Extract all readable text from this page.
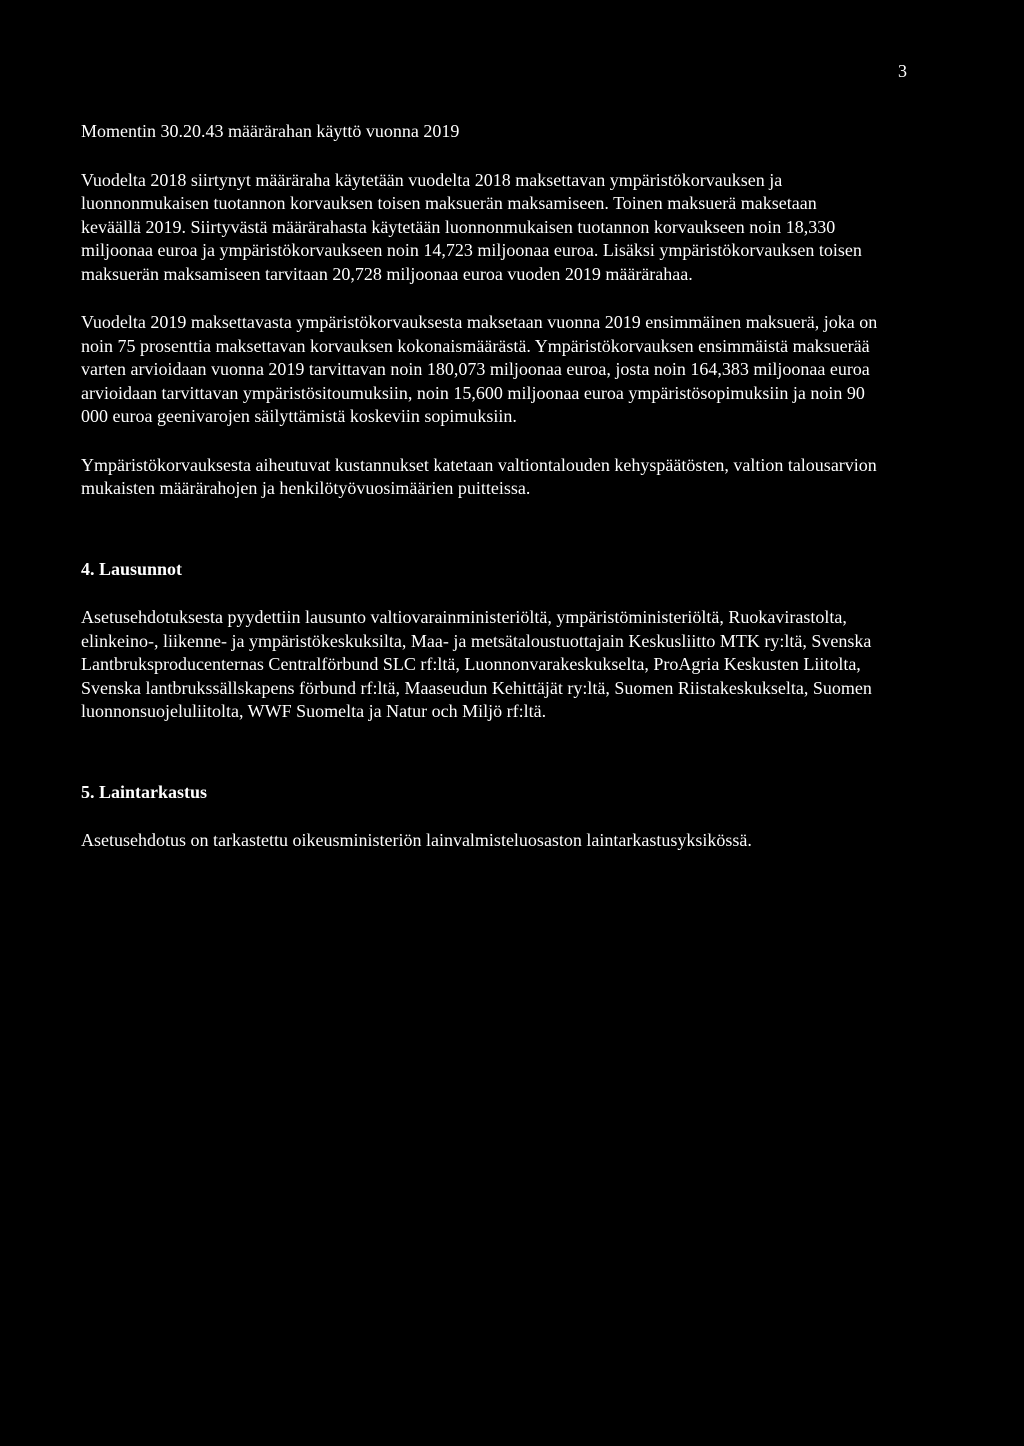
3

Momentin 30.20.43 määrärahan käyttö vuonna 2019

Vuodelta 2018 siirtynyt määräraha käytetään vuodelta 2018 maksettavan ympäristökorvauksen ja luonnonmukaisen tuotannon korvauksen toisen maksuerän maksamiseen. Toinen maksuerä maksetaan keväällä 2019. Siirtyvästä määrärahasta käytetään luonnonmukaisen tuotannon korvaukseen noin 18,330 miljoonaa euroa ja ympäristökorvaukseen noin 14,723 miljoonaa euroa. Lisäksi ympäristökorvauksen toisen maksuerän maksamiseen tarvitaan 20,728 miljoonaa euroa vuoden 2019 määrärahaa.

Vuodelta 2019 maksettavasta ympäristökorvauksesta maksetaan vuonna 2019 ensimmäinen maksuerä, joka on noin 75 prosenttia maksettavan korvauksen kokonaismäärästä. Ympäristökorvauksen ensimmäistä maksuerää varten arvioidaan vuonna 2019 tarvittavan noin 180,073 miljoonaa euroa, josta noin 164,383 miljoonaa euroa arvioidaan tarvittavan ympäristösitoumuksiin, noin 15,600 miljoonaa euroa ympäristösopimuksiin ja noin 90 000 euroa geenivarojen säilyttämistä koskeviin sopimuksiin.

Ympäristökorvauksesta aiheutuvat kustannukset katetaan valtiontalouden kehyspäätösten, valtion talousarvion mukaisten määrärahojen ja henkilötyövuosimäärien puitteissa.

4. Lausunnot

Asetusehdotuksesta pyydettiin lausunto valtiovarainministeriöltä, ympäristöministeriöltä, Ruokavirastolta, elinkeino-, liikenne- ja ympäristökeskuksilta, Maa- ja metsätaloustuottajain Keskusliitto MTK ry:ltä, Svenska Lantbruksproducenternas Centralförbund SLC rf:ltä, Luonnonvarakeskukselta, ProAgria Keskusten Liitolta, Svenska lantbrukssällskapens förbund rf:ltä, Maaseudun Kehittäjät ry:ltä, Suomen Riistakeskukselta, Suomen luonnonsuojeluliitolta, WWF Suomelta ja Natur och Miljö rf:ltä.

5. Laintarkastus

Asetusehdotus on tarkastettu oikeusministeriön lainvalmisteluosaston laintarkastusyksikössä.
